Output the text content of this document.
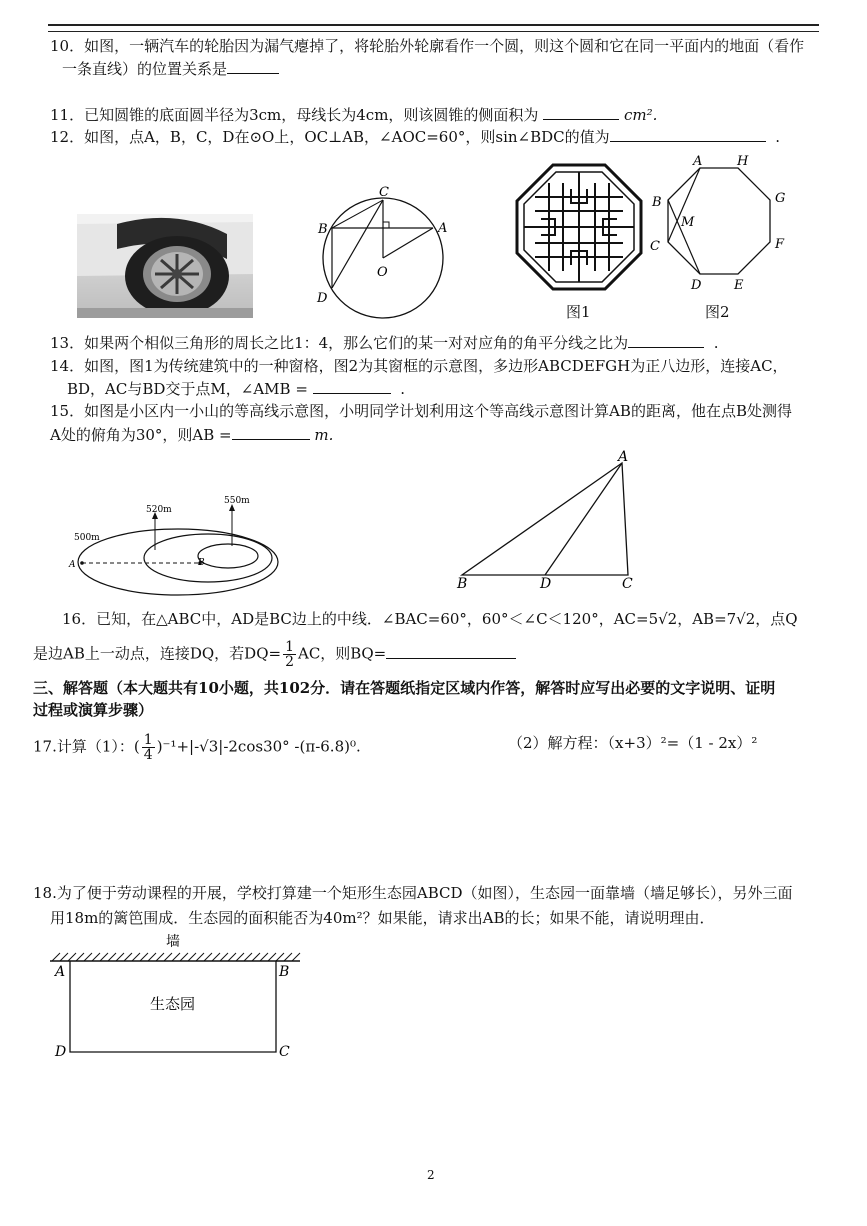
10．如图，一辆汽车的轮胎因为漏气瘪掉了，将轮胎外轮廓看作一个圆，则这个圆和它在同一平面内的地面（看作
一条直线）的位置关系是
11．已知圆锥的底面圆半径为3cm，母线长为4cm，则该圆锥的侧面积为	cm².
12．如图，点A，B，C，D在⊙O上，OC⊥AB，∠AOC=60°，则sin∠BDC的值为	.
C
B	A
O
D
图1
A	H
B
M
G
C	F
D	E
图2
13．如果两个相似三角形的周长之比1：4，那么它们的某一对对应角的角平分线之比为	.
14．如图，图1为传统建筑中的一种窗格，图2为其窗框的示意图，多边形ABCDEFGH为正八边形，连接AC，
BD，AC与BD交于点M，∠AMB =	.
15．如图是小区内一小山的等高线示意图，小明同学计划利用这个等高线示意图计算AB的距离，他在点B处测得
A处的俯角为30°，则AB =	m.
500m
520m
550m
A	B
A
B	D	C
16．已知，在△ABC中，AD是BC边上的中线．∠BAC=60°，60°＜∠C＜120°，AC=5√2，AB=7√2，点Q
是边AB上一动点，连接DQ，若$DQ= \frac{1}{2}$ AC，则BQ=
三、解答题（本大题共有10小题，共102分．请在答题纸指定区域内作答，解答时应写出必要的文字说明、证明
过程或演算步骤）
17.计算（1）：( $\frac{1}{4} )^{-1}+|-√3|-2\cos 30^\circ$ -(π-6.8)⁰.	（2）解方程：（x+3）²=（1 - 2x）²
18.为了便于劳动课程的开展，学校打算建一个矩形生态园ABCD（如图），生态园一面靠墙（墙足够长），另外三面
用18m的篱笆围成．生态园的面积能否为40m²？如果能，请求出AB的长；如果不能，请说明理由．
墙
生态园
A	B
D	C
2
